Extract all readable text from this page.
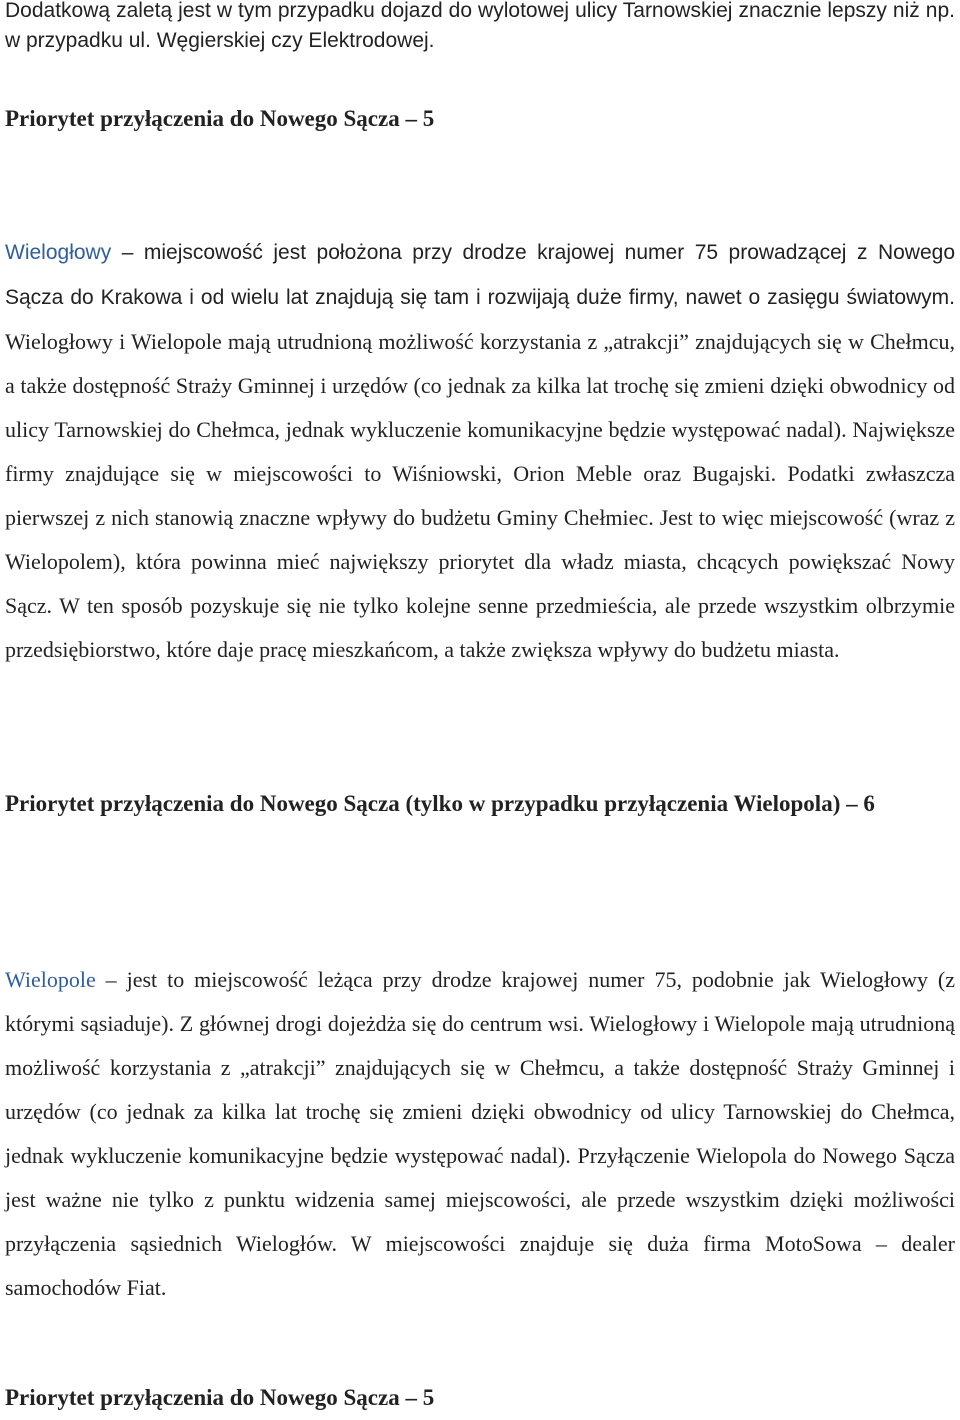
Dodatkową zaletą jest w tym przypadku dojazd do wylotowej ulicy Tarnowskiej znacznie lepszy niż np. w przypadku ul. Węgierskiej czy Elektrodowej.

Priorytet przyłączenia do Nowego Sącza – 5
Wielogłowy – miejscowość jest położona przy drodze krajowej numer 75 prowadzącej z Nowego Sącza do Krakowa i od wielu lat znajdują się tam i rozwijają duże firmy, nawet o zasięgu światowym. Wielogłowy i Wielopole mają utrudnioną możliwość korzystania z „atrakcji” znajdujących się w Chełmcu, a także dostępność Straży Gminnej i urzędów (co jednak za kilka lat trochę się zmieni dzięki obwodnicy od ulicy Tarnowskiej do Chełmca, jednak wykluczenie komunikacyjne będzie występować nadal). Największe firmy znajdujące się w miejscowości to Wiśniowski, Orion Meble oraz Bugajski. Podatki zwłaszcza pierwszej z nich stanowią znaczne wpływy do budżetu Gminy Chełmiec. Jest to więc miejscowość (wraz z Wielopolem), która powinna mieć największy priorytet dla władz miasta, chcących powiększać Nowy Sącz. W ten sposób pozyskuje się nie tylko kolejne senne przedmieścia, ale przede wszystkim olbrzymie przedsiębiorstwo, które daje pracę mieszkańcom, a także zwiększa wpływy do budżetu miasta.
Priorytet przyłączenia do Nowego Sącza (tylko w przypadku przyłączenia Wielopola) – 6
Wielopole – jest to miejscowość leżąca przy drodze krajowej numer 75, podobnie jak Wielogłowy (z którymi sąsiaduje). Z głównej drogi dojeżdża się do centrum wsi. Wielogłowy i Wielopole mają utrudnioną możliwość korzystania z „atrakcji” znajdujących się w Chełmcu, a także dostępność Straży Gminnej i urzędów (co jednak za kilka lat trochę się zmieni dzięki obwodnicy od ulicy Tarnowskiej do Chełmca, jednak wykluczenie komunikacyjne będzie występować nadal). Przyłączenie Wielopola do Nowego Sącza jest ważne nie tylko z punktu widzenia samej miejscowości, ale przede wszystkim dzięki możliwości przyłączenia sąsiednich Wielogłów. W miejscowości znajduje się duża firma MotoSowa – dealer samochodów Fiat.
Priorytet przyłączenia do Nowego Sącza – 5
